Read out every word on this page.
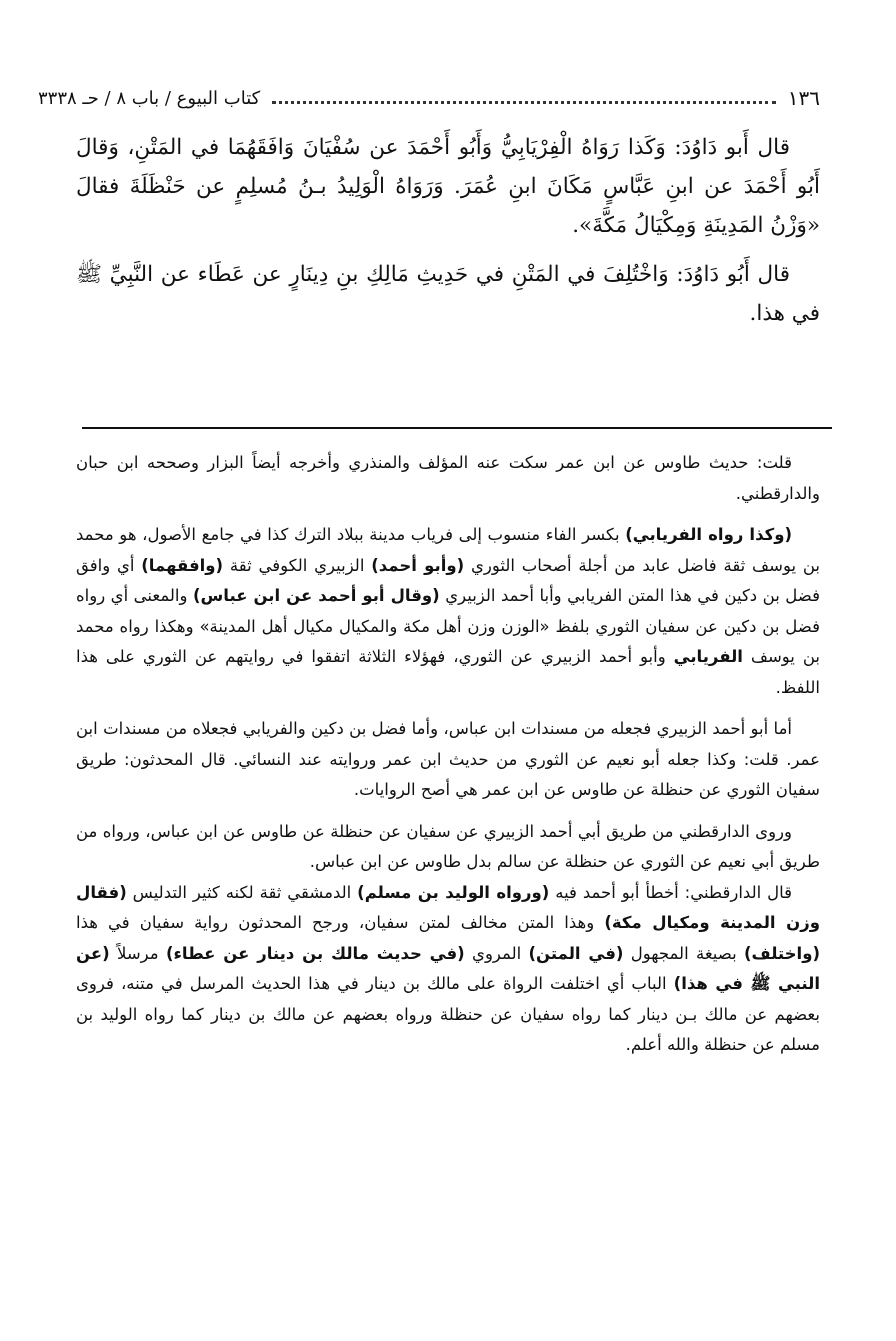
١٣٦
كتاب البيوع / باب ٨ / حـ ٣٣٣٨

قال أَبو دَاوُدَ: وَكَذا رَوَاهُ الْفِرْيَابِيُّ وَأَبُو أَحْمَدَ عن سُفْيَانَ وَافَقَهُمَا في المَتْنِ، وَقالَ أَبُو أَحْمَدَ عن ابنِ عَبَّاسٍ مَكَانَ ابنِ عُمَرَ. وَرَوَاهُ الْوَلِيدُ بـنُ مُسلِمٍ عن حَنْظَلَةَ فقالَ «وَزْنُ المَدِينَةِ وَمِكْيَالُ مَكَّةَ».

قال أَبُو دَاوُدَ: وَاخْتُلِفَ في المَتْنِ في حَدِيثِ مَالِكِ بنِ دِينَارٍ عن عَطَاء عن النَّبِيِّ ﷺ في هذا.

قلت: حديث طاوس عن ابن عمر سكت عنه المؤلف والمنذري وأخرجه أيضاً البزار وصححه ابن حبان والدارقطني.

(وكذا رواه الفريابي) بكسر الفاء منسوب إلى فرياب مدينة ببلاد الترك كذا في جامع الأصول، هو محمد بن يوسف ثقة فاضل عابد من أجلة أصحاب الثوري (وأبو أحمد) الزبيري الكوفي ثقة (وافقهما) أي وافق فضل بن دكين في هذا المتن الفريابي وأبا أحمد الزبيري (وقال أبو أحمد عن ابن عباس) والمعنى أي رواه فضل بن دكين عن سفيان الثوري بلفظ «الوزن وزن أهل مكة والمكيال مكيال أهل المدينة» وهكذا رواه محمد بن يوسف الفريابي وأبو أحمد الزبيري عن الثوري، فهؤلاء الثلاثة اتفقوا في روايتهم عن الثوري على هذا اللفظ.

أما أبو أحمد الزبيري فجعله من مسندات ابن عباس، وأما فضل بن دكين والفريابي فجعلاه من مسندات ابن عمر. قلت: وكذا جعله أبو نعيم عن الثوري من حديث ابن عمر وروايته عند النسائي. قال المحدثون: طريق سفيان الثوري عن حنظلة عن طاوس عن ابن عمر هي أصح الروايات.

وروى الدارقطني من طريق أبي أحمد الزبيري عن سفيان عن حنظلة عن طاوس عن ابن عباس، ورواه من طريق أبي نعيم عن الثوري عن حنظلة عن سالم بدل طاوس عن ابن عباس.

قال الدارقطني: أخطأ أبو أحمد فيه (ورواه الوليد بن مسلم) الدمشقي ثقة لكنه كثير التدليس (فقال وزن المدينة ومكيال مكة) وهذا المتن مخالف لمتن سفيان، ورجح المحدثون رواية سفيان في هذا (واختلف) بصيغة المجهول (في المتن) المروي (في حديث مالك بن دينار عن عطاء) مرسلاً (عن النبي ﷺ في هذا) الباب أي اختلفت الرواة على مالك بن دينار في هذا الحديث المرسل في متنه، فروى بعضهم عن مالك بـن دينار كما رواه سفيان عن حنظلة ورواه بعضهم عن مالك بن دينار كما رواه الوليد بن مسلم عن حنظلة والله أعلم.
